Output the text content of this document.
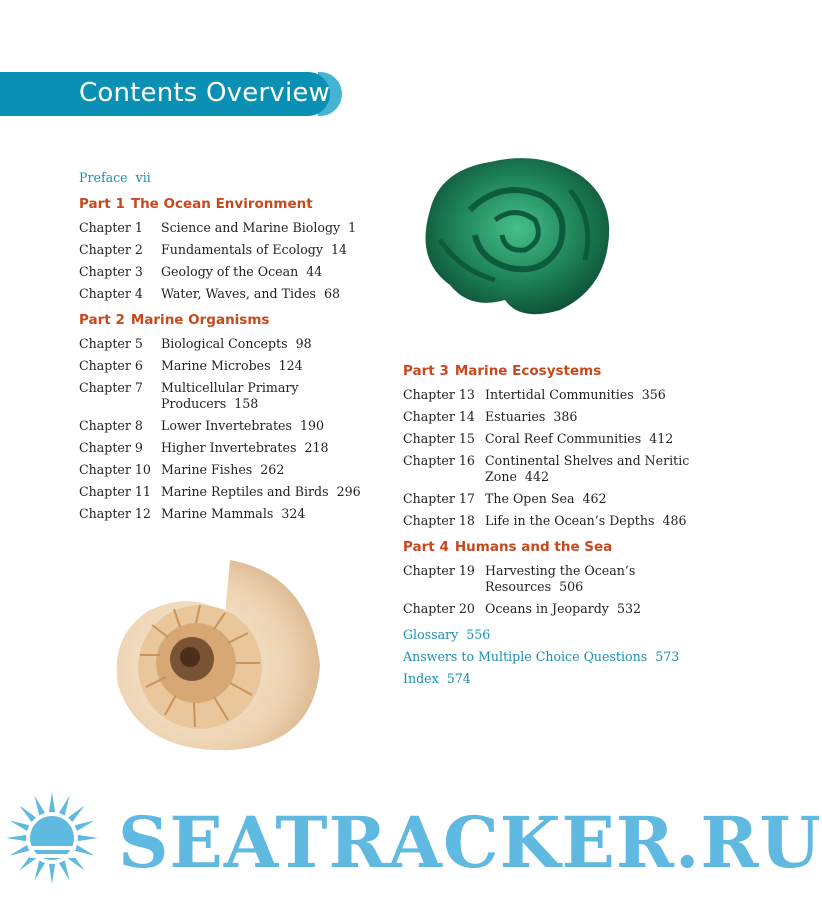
Contents Overview
Preface vii
Part 1 The Ocean Environment
Chapter 1	Science and Marine Biology 1
Chapter 2	Fundamentals of Ecology 14
Chapter 3	Geology of the Ocean 44
Chapter 4	Water, Waves, and Tides 68
Part 2 Marine Organisms
Chapter 5	Biological Concepts 98
Chapter 6	Marine Microbes 124
Chapter 7	Multicellular Primary Producers 158
Chapter 8	Lower Invertebrates 190
Chapter 9	Higher Invertebrates 218
Chapter 10 Marine Fishes 262
Chapter 11 Marine Reptiles and Birds 296
Chapter 12 Marine Mammals 324
Part 3 Marine Ecosystems
Chapter 13 Intertidal Communities 356
Chapter 14 Estuaries 386
Chapter 15 Coral Reef Communities 412
Chapter 16 Continental Shelves and Neritic Zone 442
Chapter 17 The Open Sea 462
Chapter 18 Life in the Ocean’s Depths 486
Part 4 Humans and the Sea
Chapter 19 Harvesting the Ocean’s Resources 506
Chapter 20 Oceans in Jeopardy 532
Glossary 556
Answers to Multiple Choice Questions 573
Index 574
SEATRACKER.RU
